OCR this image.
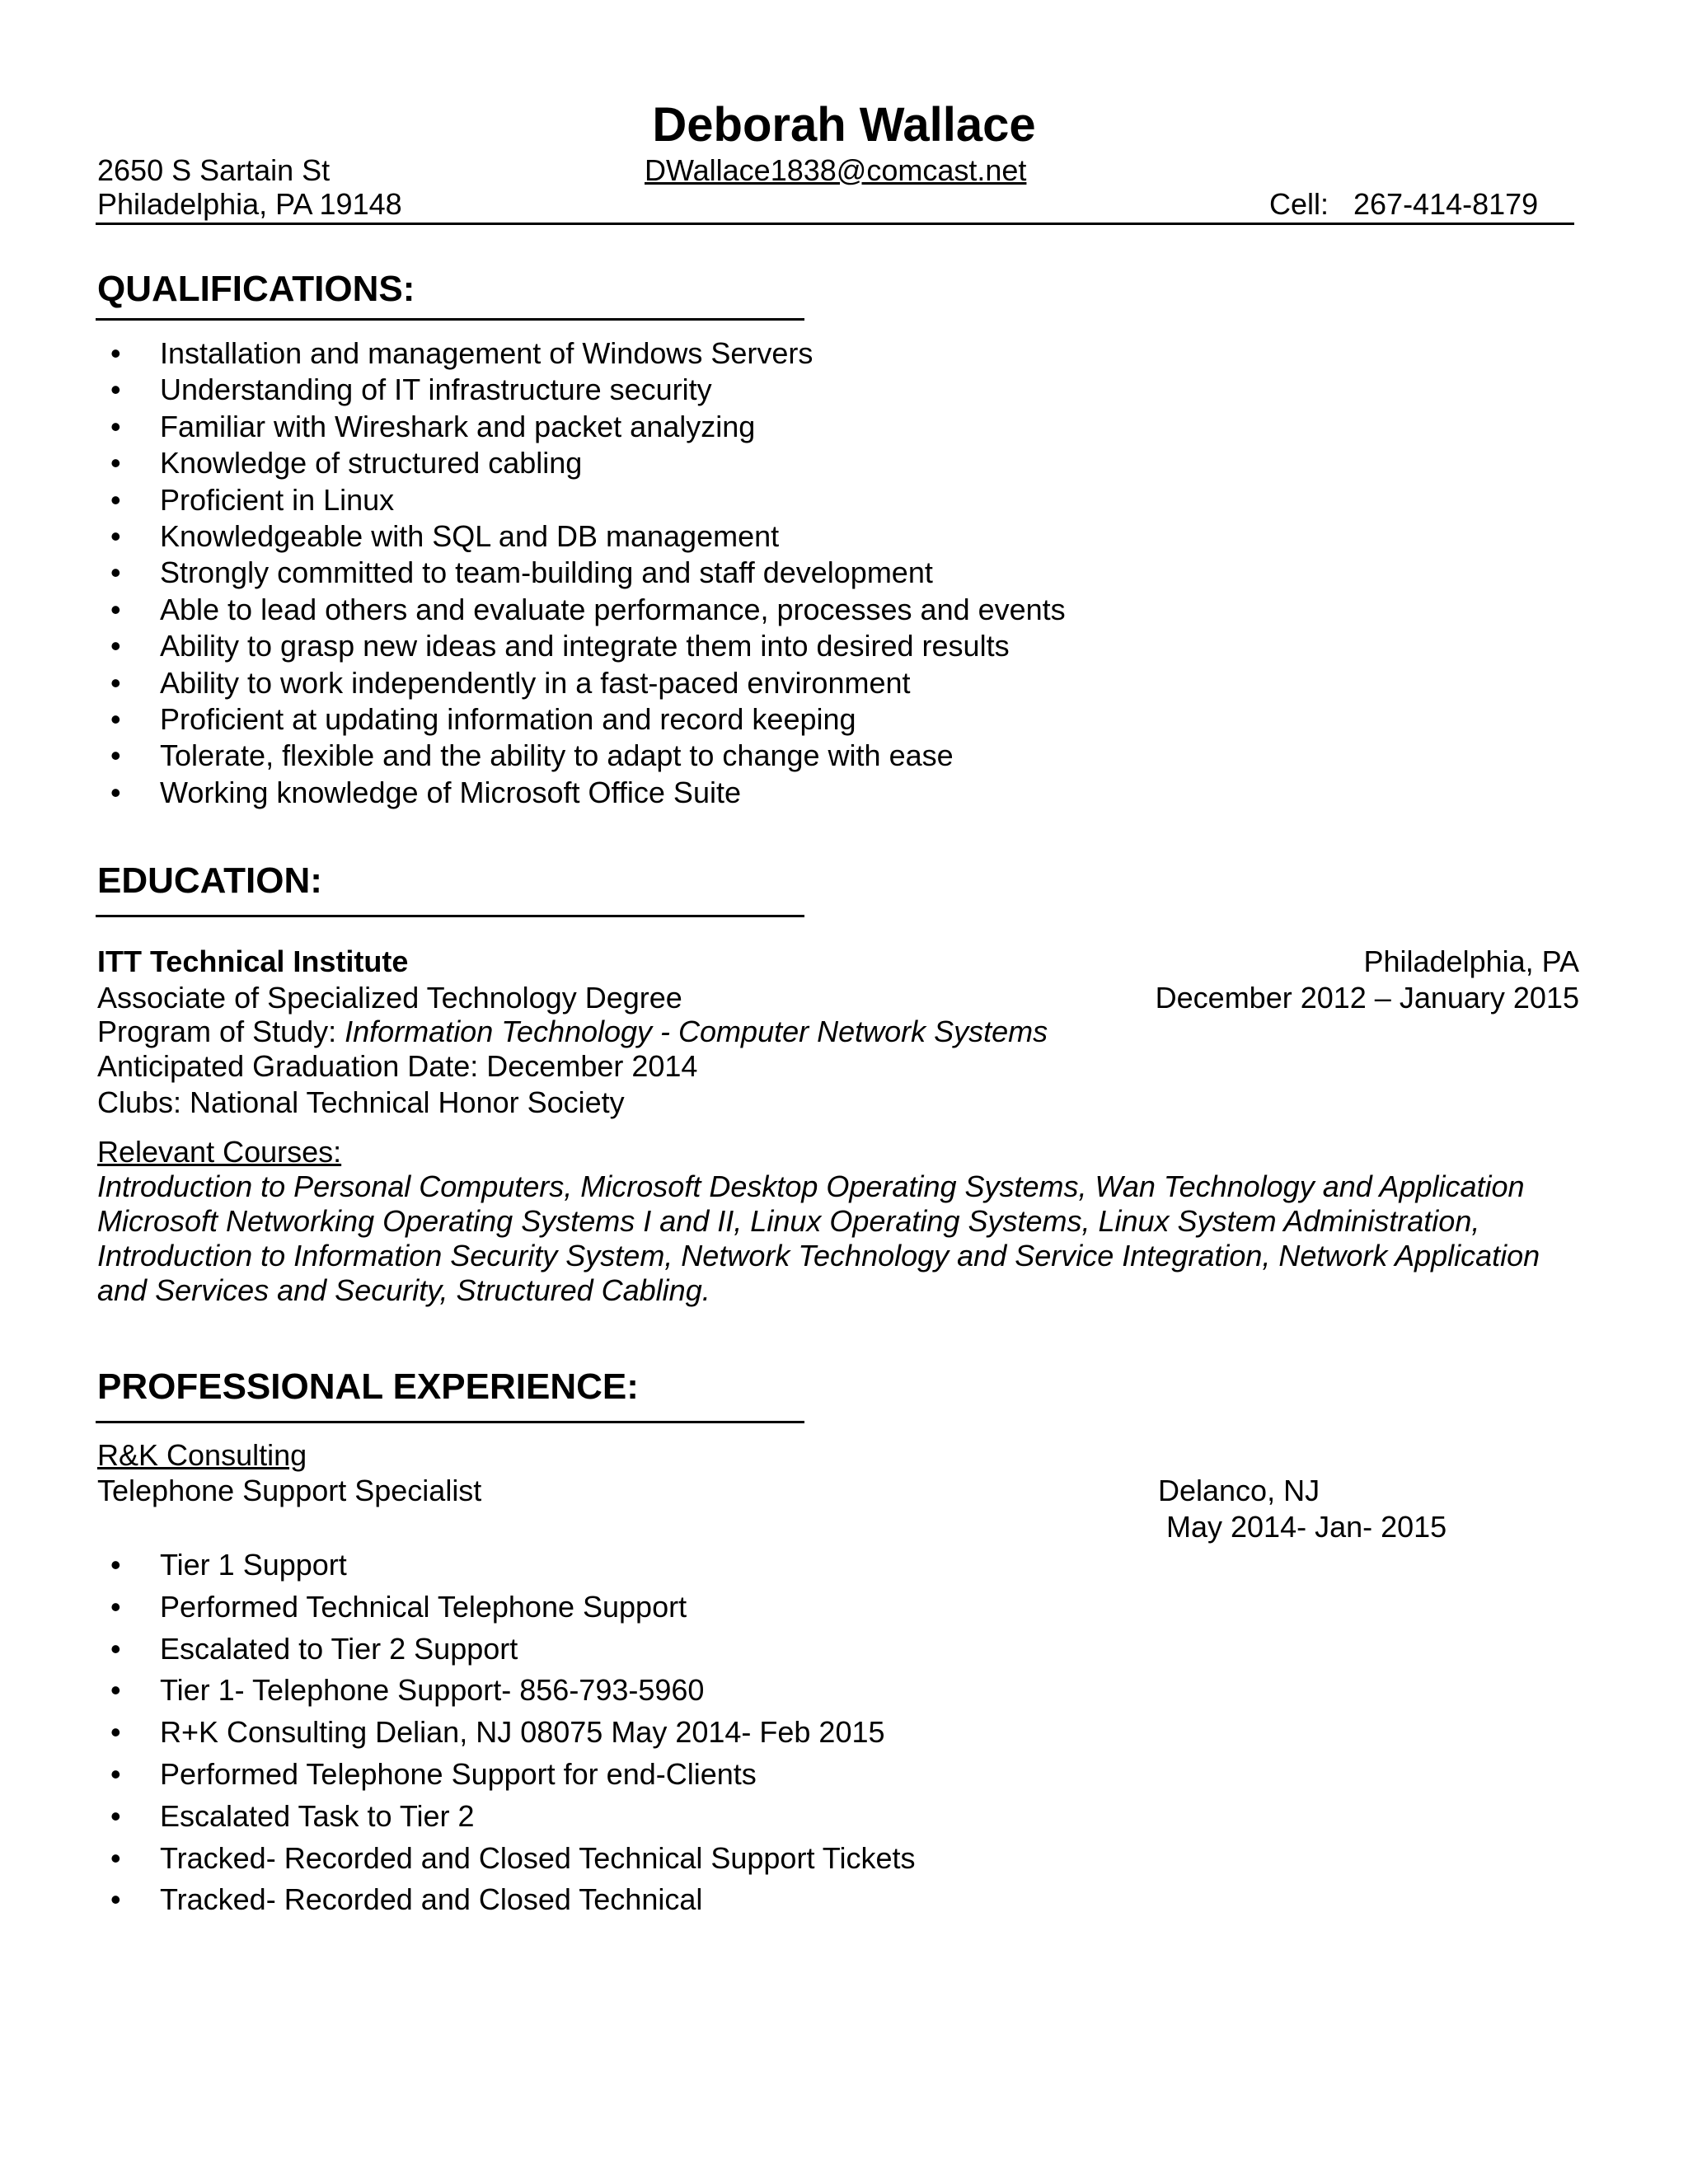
Deborah Wallace
2650 S Sartain St	DWallace1838@comcast.net
Philadelphia, PA 19148	Cell: 267-414-8179
QUALIFICATIONS:
• Installation and management of Windows Servers
• Understanding of IT infrastructure security
• Familiar with Wireshark and packet analyzing
• Knowledge of structured cabling
• Proficient in Linux
• Knowledgeable with SQL and DB management
• Strongly committed to team-building and staff development
• Able to lead others and evaluate performance, processes and events
• Ability to grasp new ideas and integrate them into desired results
• Ability to work independently in a fast-paced environment
• Proficient at updating information and record keeping
• Tolerate, flexible and the ability to adapt to change with ease
• Working knowledge of Microsoft Office Suite
EDUCATION:
ITT Technical Institute	Philadelphia, PA
Associate of Specialized Technology Degree	December 2012 – January 2015
Program of Study: Information Technology - Computer Network Systems
Anticipated Graduation Date: December 2014
Clubs: National Technical Honor Society
Relevant Courses:
Introduction to Personal Computers, Microsoft Desktop Operating Systems, Wan Technology and Application
Microsoft Networking Operating Systems I and II, Linux Operating Systems, Linux System Administration,
Introduction to Information Security System, Network Technology and Service Integration, Network Application
and Services and Security, Structured Cabling.
PROFESSIONAL EXPERIENCE:
R&K Consulting
Telephone Support Specialist	Delanco, NJ
May 2014- Jan- 2015
• Tier 1 Support
• Performed Technical Telephone Support
• Escalated to Tier 2 Support
• Tier 1- Telephone Support- 856-793-5960
• R+K Consulting Delian, NJ 08075 May 2014- Feb 2015
• Performed Telephone Support for end-Clients
• Escalated Task to Tier 2
• Tracked- Recorded and Closed Technical Support Tickets
• Tracked- Recorded and Closed Technical
